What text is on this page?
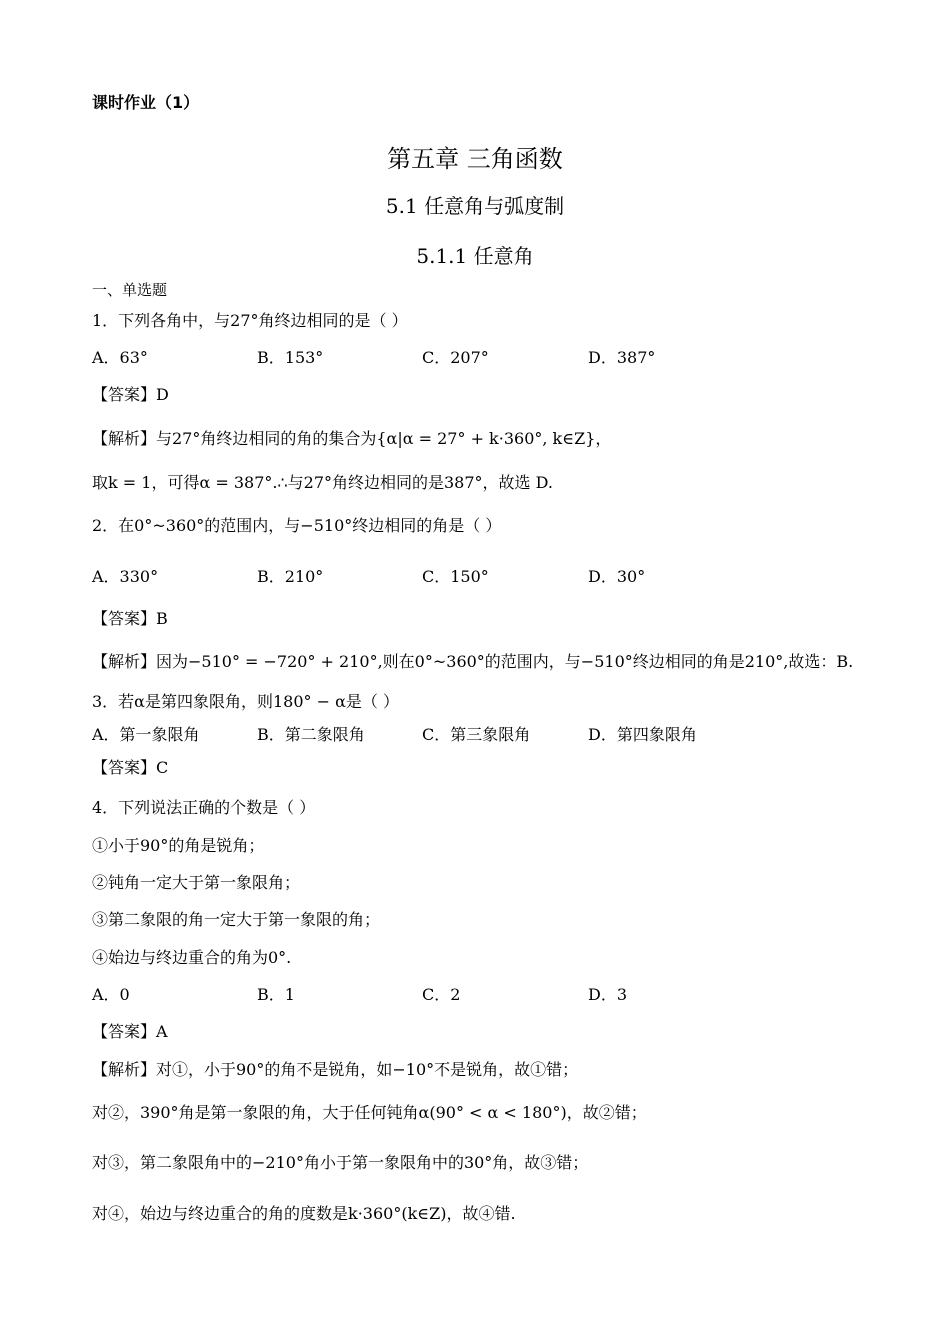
课时作业（1）
第五章 三角函数
5.1 任意角与弧度制
5.1.1 任意角
一、单选题
1．下列各角中，与27°角终边相同的是（ ）
A．63°	B．153°	C．207°	D．387°
【答案】D
【解析】与27°角终边相同的角的集合为{α|α = 27° + k·360°, k∈Z}，
取k = 1，可得α = 387°.∴与27°角终边相同的是387°，故选 D.
2．在0°~360°的范围内，与−510°终边相同的角是（ ）
A．330°	B．210°	C．150°	D．30°
【答案】B
【解析】因为−510° = −720° + 210°,则在0°~360°的范围内，与−510°终边相同的角是210°,故选：B.
3．若α是第四象限角，则180° − α是（ ）
A．第一象限角	B．第二象限角	C．第三象限角	D．第四象限角
【答案】C
4．下列说法正确的个数是（ ）
①小于90°的角是锐角；
②钝角一定大于第一象限角；
③第二象限的角一定大于第一象限的角；
④始边与终边重合的角为0°.
A．0	B．1	C．2	D．3
【答案】A
【解析】对①，小于90°的角不是锐角，如−10°不是锐角，故①错；
对②，390°角是第一象限的角，大于任何钝角α(90° < α < 180°)，故②错；
对③，第二象限角中的−210°角小于第一象限角中的30°角，故③错；
对④，始边与终边重合的角的度数是k·360°(k∈Z)，故④错.
